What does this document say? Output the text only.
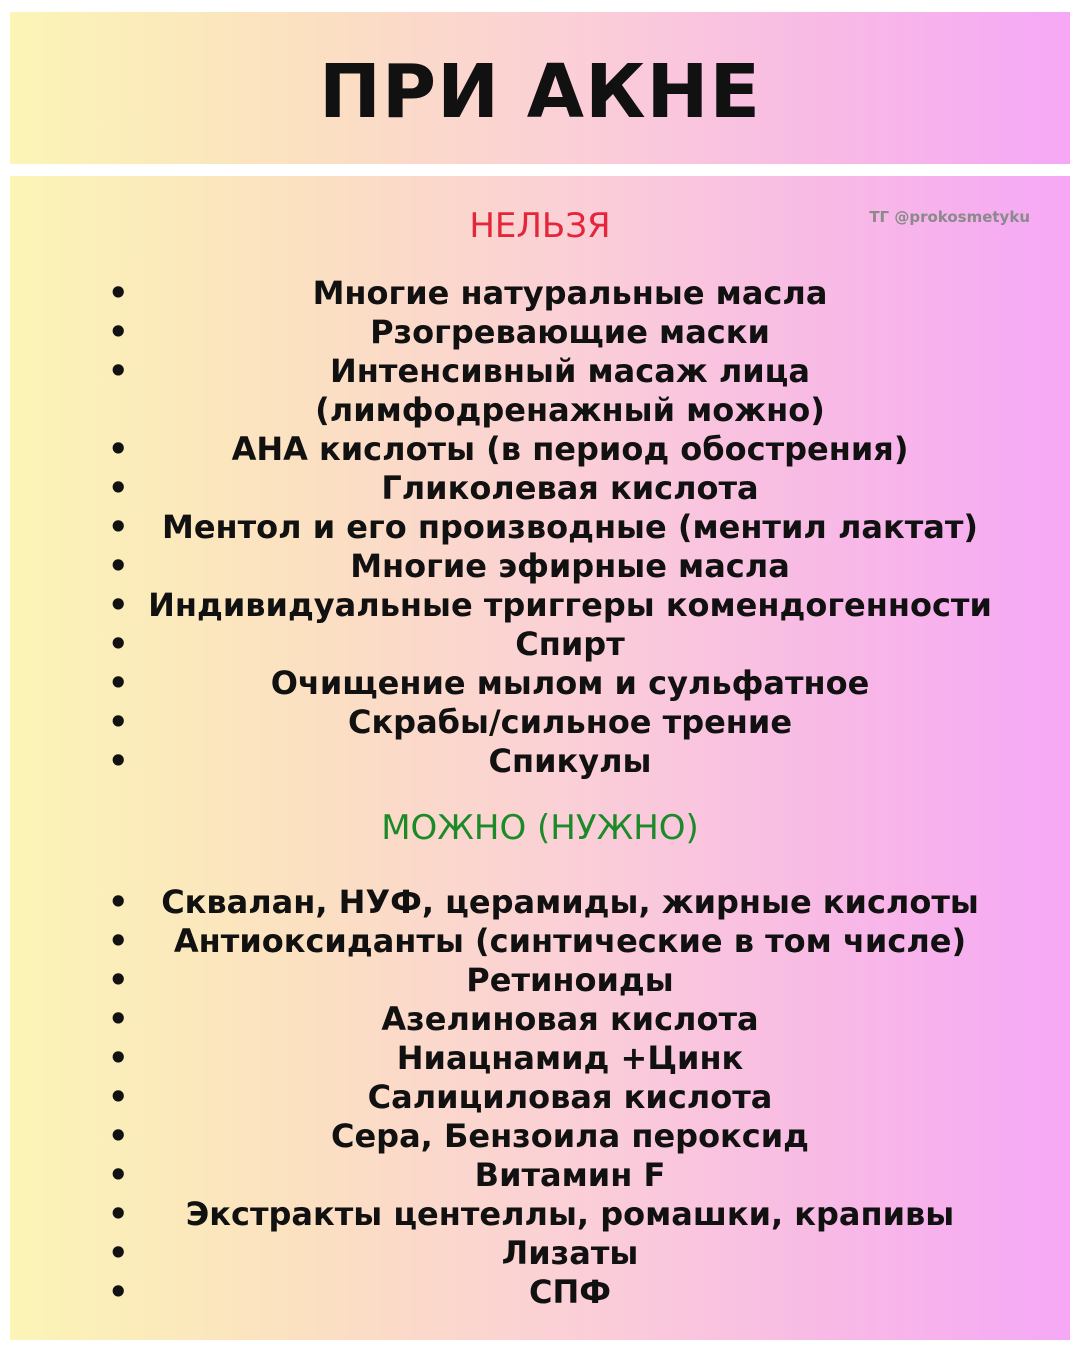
ПРИ АКНЕ
ТГ @prokosmetyku
НЕЛЬЗЯ
•	Многие натуральные масла
•	Рзогревающие маски
•	Интенсивный масаж лица
(лимфодренажный можно)
•	АНА кислоты (в период обострения)
•	Гликолевая кислота
•	Ментол и его производные (ментил лактат)
•	Многие эфирные масла
• Индивидуальные триггеры комендогенности
•	Спирт
•	Очищение мылом и сульфатное
•	Скрабы/сильное трение
•	Спикулы
МОЖНО (НУЖНО)
•	Сквалан, НУФ, церамиды, жирные кислоты
•	Антиоксиданты (синтические в том числе)
•	Ретиноиды
•	Азелиновая кислота
•	Ниацнамид +Цинк
•	Салициловая кислота
•	Сера, Бензоила пероксид
•	Витамин F
•	Экстракты центеллы, ромашки, крапивы
•	Лизаты
•	СПФ
